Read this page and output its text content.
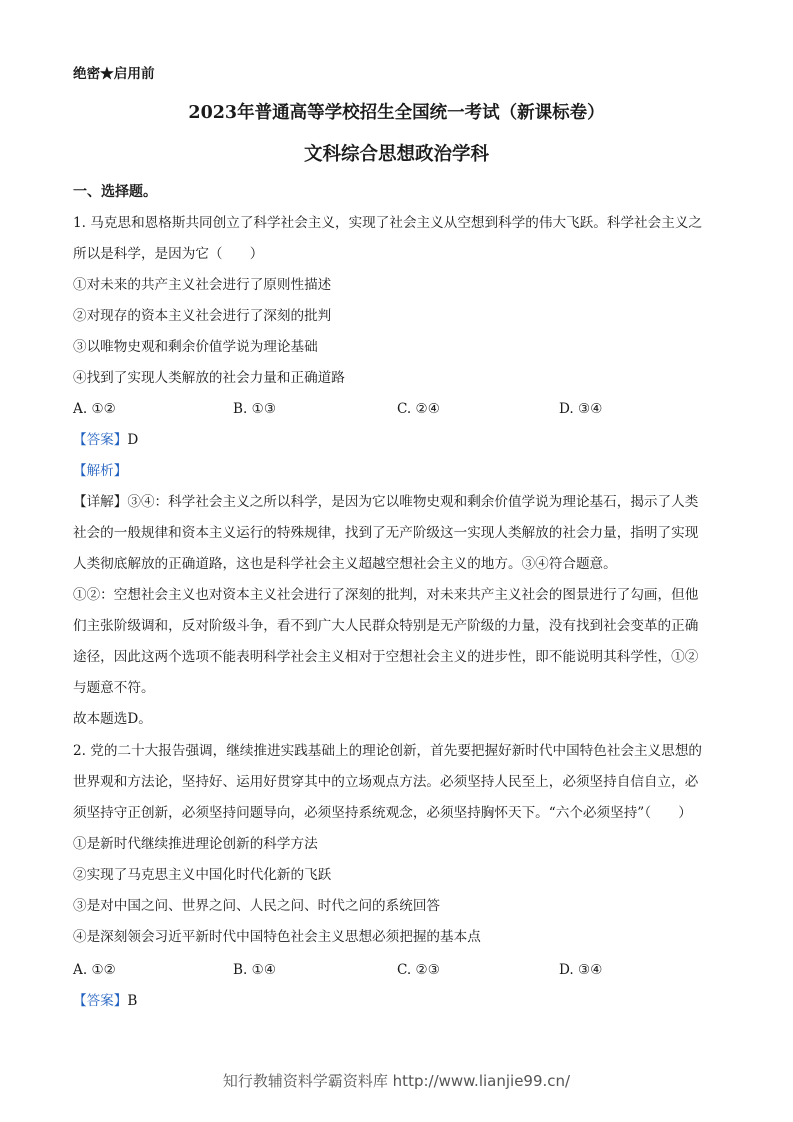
绝密★启用前
2023年普通高等学校招生全国统一考试（新课标卷）
文科综合思想政治学科
一、选择题。
1. 马克思和恩格斯共同创立了科学社会主义，实现了社会主义从空想到科学的伟大飞跃。科学社会主义之
所以是科学，是因为它（　　）
①对未来的共产主义社会进行了原则性描述
②对现存的资本主义社会进行了深刻的批判
③以唯物史观和剩余价值学说为理论基础
④找到了实现人类解放的社会力量和正确道路
A. ①②	B. ①③	C. ②④	D. ③④
【答案】D
【解析】
【详解】③④：科学社会主义之所以科学，是因为它以唯物史观和剩余价值学说为理论基石，揭示了人类
社会的一般规律和资本主义运行的特殊规律，找到了无产阶级这一实现人类解放的社会力量，指明了实现
人类彻底解放的正确道路，这也是科学社会主义超越空想社会主义的地方。③④符合题意。
①②：空想社会主义也对资本主义社会进行了深刻的批判，对未来共产主义社会的图景进行了勾画，但他
们主张阶级调和，反对阶级斗争，看不到广大人民群众特别是无产阶级的力量，没有找到社会变革的正确
途径，因此这两个选项不能表明科学社会主义相对于空想社会主义的进步性，即不能说明其科学性，①②
与题意不符。
故本题选D。
2. 党的二十大报告强调，继续推进实践基础上的理论创新，首先要把握好新时代中国特色社会主义思想的
世界观和方法论，坚持好、运用好贯穿其中的立场观点方法。必须坚持人民至上，必须坚持自信自立，必
须坚持守正创新，必须坚持问题导向，必须坚持系统观念，必须坚持胸怀天下。“六个必须坚持”（　　）
①是新时代继续推进理论创新的科学方法
②实现了马克思主义中国化时代化新的飞跃
③是对中国之问、世界之问、人民之问、时代之问的系统回答
④是深刻领会习近平新时代中国特色社会主义思想必须把握的基本点
A. ①②	B. ①④	C. ②③	D. ③④
【答案】B
知行教辅资料学霸资料库 http://www.lianjie99.cn/
